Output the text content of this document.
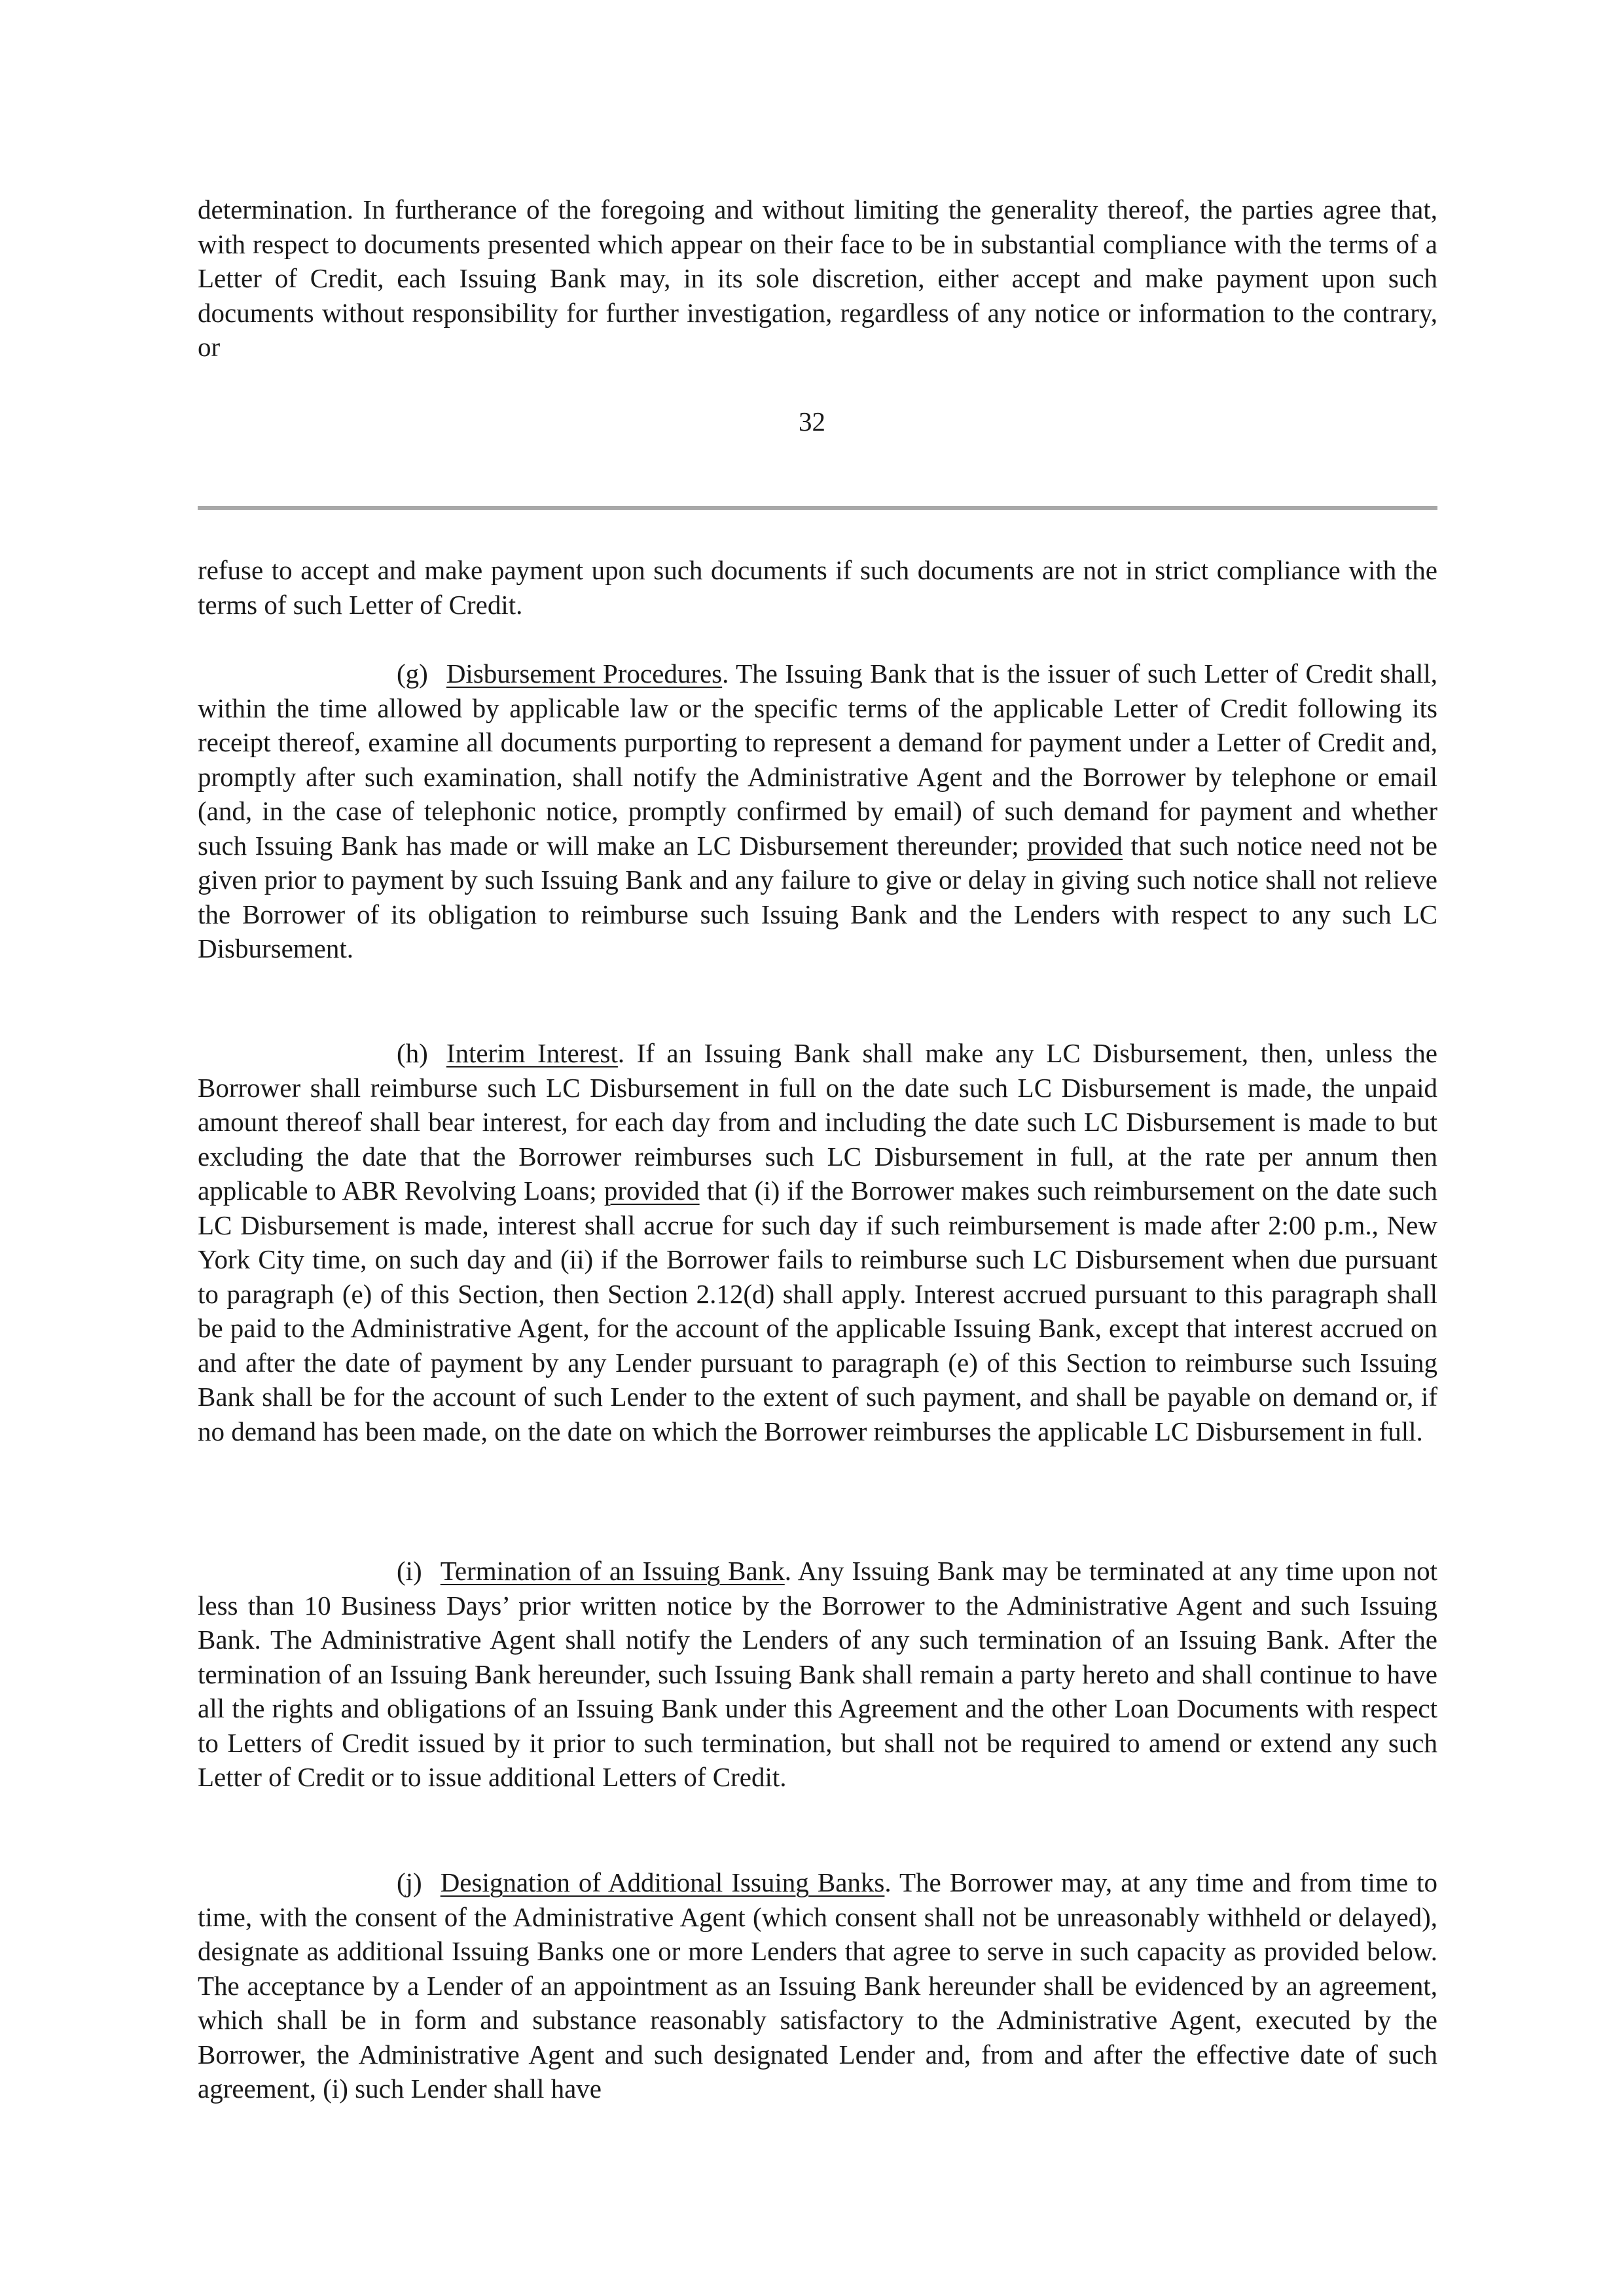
determination. In furtherance of the foregoing and without limiting the generality thereof, the parties agree that, with respect to documents presented which appear on their face to be in substantial compliance with the terms of a Letter of Credit, each Issuing Bank may, in its sole discretion, either accept and make payment upon such documents without responsibility for further investigation, regardless of any notice or information to the contrary, or

32

refuse to accept and make payment upon such documents if such documents are not in strict compliance with the terms of such Letter of Credit.

(g) Disbursement Procedures. The Issuing Bank that is the issuer of such Letter of Credit shall, within the time allowed by applicable law or the specific terms of the applicable Letter of Credit following its receipt thereof, examine all documents purporting to represent a demand for payment under a Letter of Credit and, promptly after such examination, shall notify the Administrative Agent and the Borrower by telephone or email (and, in the case of telephonic notice, promptly confirmed by email) of such demand for payment and whether such Issuing Bank has made or will make an LC Disbursement thereunder; provided that such notice need not be given prior to payment by such Issuing Bank and any failure to give or delay in giving such notice shall not relieve the Borrower of its obligation to reimburse such Issuing Bank and the Lenders with respect to any such LC Disbursement.

(h) Interim Interest. If an Issuing Bank shall make any LC Disbursement, then, unless the Borrower shall reimburse such LC Disbursement in full on the date such LC Disbursement is made, the unpaid amount thereof shall bear interest, for each day from and including the date such LC Disbursement is made to but excluding the date that the Borrower reimburses such LC Disbursement in full, at the rate per annum then applicable to ABR Revolving Loans; provided that (i) if the Borrower makes such reimbursement on the date such LC Disbursement is made, interest shall accrue for such day if such reimbursement is made after 2:00 p.m., New York City time, on such day and (ii) if the Borrower fails to reimburse such LC Disbursement when due pursuant to paragraph (e) of this Section, then Section 2.12(d) shall apply. Interest accrued pursuant to this paragraph shall be paid to the Administrative Agent, for the account of the applicable Issuing Bank, except that interest accrued on and after the date of payment by any Lender pursuant to paragraph (e) of this Section to reimburse such Issuing Bank shall be for the account of such Lender to the extent of such payment, and shall be payable on demand or, if no demand has been made, on the date on which the Borrower reimburses the applicable LC Disbursement in full.

(i) Termination of an Issuing Bank. Any Issuing Bank may be terminated at any time upon not less than 10 Business Days’ prior written notice by the Borrower to the Administrative Agent and such Issuing Bank. The Administrative Agent shall notify the Lenders of any such termination of an Issuing Bank. After the termination of an Issuing Bank hereunder, such Issuing Bank shall remain a party hereto and shall continue to have all the rights and obligations of an Issuing Bank under this Agreement and the other Loan Documents with respect to Letters of Credit issued by it prior to such termination, but shall not be required to amend or extend any such Letter of Credit or to issue additional Letters of Credit.

(j) Designation of Additional Issuing Banks. The Borrower may, at any time and from time to time, with the consent of the Administrative Agent (which consent shall not be unreasonably withheld or delayed), designate as additional Issuing Banks one or more Lenders that agree to serve in such capacity as provided below. The acceptance by a Lender of an appointment as an Issuing Bank hereunder shall be evidenced by an agreement, which shall be in form and substance reasonably satisfactory to the Administrative Agent, executed by the Borrower, the Administrative Agent and such designated Lender and, from and after the effective date of such agreement, (i) such Lender shall have
